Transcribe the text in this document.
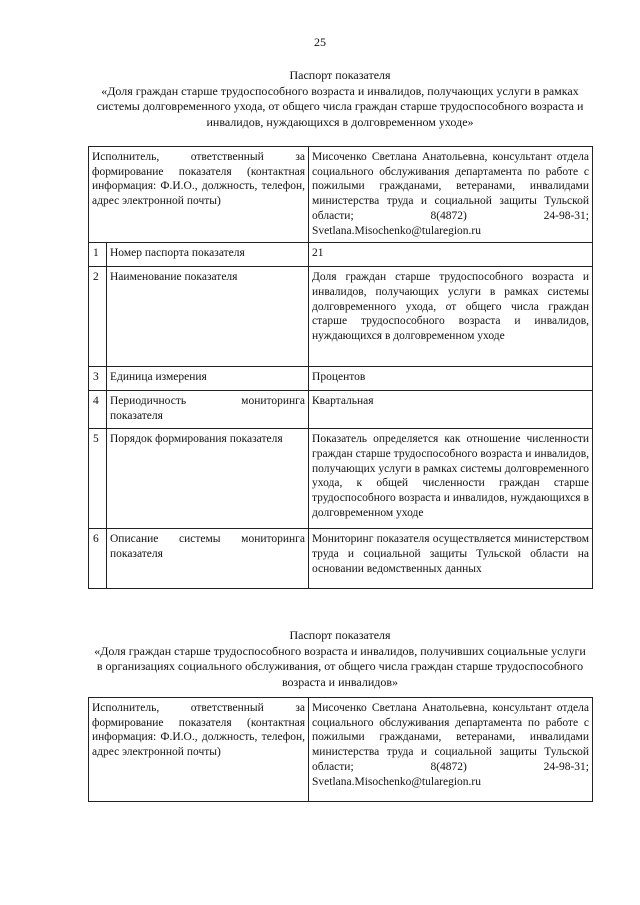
25
Паспорт показателя
«Доля граждан старше трудоспособного возраста и инвалидов, получающих услуги в рамках системы долговременного ухода, от общего числа граждан старше трудоспособного возраста и инвалидов, нуждающихся в долговременном уходе»
Исполнитель, ответственный за формирование показателя (контактная информация: Ф.И.О., должность, телефон, адрес электронной почты)		Мисоченко Светлана Анатольевна, консультант отдела социального обслуживания департамента по работе с пожилыми гражданами, ветеранами, инвалидами министерства труда и социальной защиты Тульской области; 8(4872) 24-98-31; Svetlana.Misochenko@tularegion.ru
1	Номер паспорта показателя	21
2	Наименование показателя	Доля граждан старше трудоспособного возраста и инвалидов, получающих услуги в рамках системы долговременного ухода, от общего числа граждан старше трудоспособного возраста и инвалидов, нуждающихся в долговременном уходе
3	Единица измерения	Процентов
4	Периодичность мониторинга показателя	Квартальная
5	Порядок формирования показателя	Показатель определяется как отношение численности граждан старше трудоспособного возраста и инвалидов, получающих услуги в рамках системы долговременного ухода, к общей численности граждан старше трудоспособного возраста и инвалидов, нуждающихся в долговременном уходе
6	Описание системы мониторинга показателя	Мониторинг показателя осуществляется министерством труда и социальной защиты Тульской области на основании ведомственных данных
Паспорт показателя
«Доля граждан старше трудоспособного возраста и инвалидов, получивших социальные услуги в организациях социального обслуживания, от общего числа граждан старше трудоспособного возраста и инвалидов»
Исполнитель, ответственный за формирование показателя (контактная информация: Ф.И.О., должность, телефон, адрес электронной почты)	Мисоченко Светлана Анатольевна, консультант отдела социального обслуживания департамента по работе с пожилыми гражданами, ветеранами, инвалидами министерства труда и социальной защиты Тульской области; 8(4872) 24-98-31; Svetlana.Misochenko@tularegion.ru
